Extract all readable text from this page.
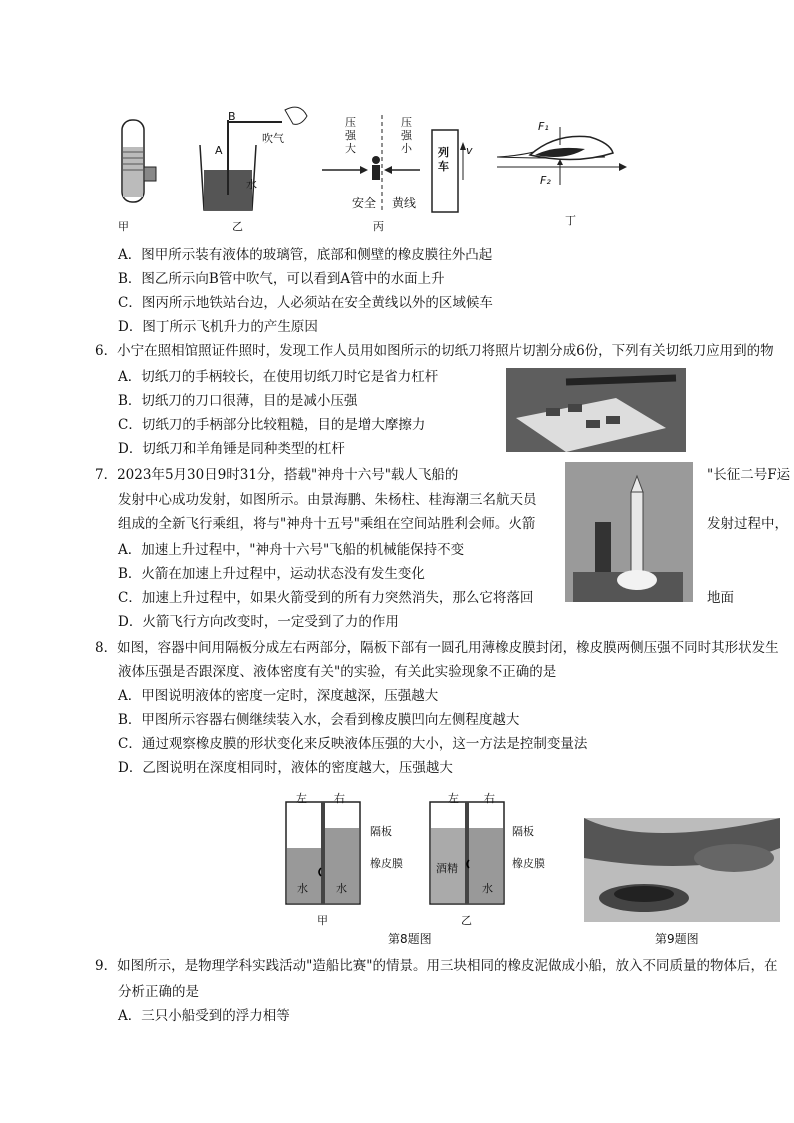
甲
B
A
吹气
水
乙
压强大
压强小 列车
v
安全 黄线
丙
F₁
F₂
丁
A．图甲所示装有液体的玻璃管，底部和侧壁的橡皮膜往外凸起
B．图乙所示向B管中吹气，可以看到A管中的水面上升
C．图丙所示地铁站台边，人必须站在安全黄线以外的区域候车
D．图丁所示飞机升力的产生原因
6．小宁在照相馆照证件照时，发现工作人员用如图所示的切纸刀将照片切割分成6份，下列有关切纸刀应用到的物
A．切纸刀的手柄较长，在使用切纸刀时它是省力杠杆
B．切纸刀的刀口很薄，目的是减小压强
C．切纸刀的手柄部分比较粗糙，目的是增大摩擦力
D．切纸刀和羊角锤是同种类型的杠杆
7．2023年5月30日9时31分，搭载"神舟十六号"载人飞船的	"长征二号F运
发射中心成功发射，如图所示。由景海鹏、朱杨柱、桂海潮三名航天员
组成的全新飞行乘组，将与"神舟十五号"乘组在空间站胜利会师。火箭	发射过程中，
A．加速上升过程中，"神舟十六号"飞船的机械能保持不变
B．火箭在加速上升过程中，运动状态没有发生变化
C．加速上升过程中，如果火箭受到的所有力突然消失，那么它将落回	地面
D．火箭飞行方向改变时，一定受到了力的作用
8．如图，容器中间用隔板分成左右两部分，隔板下部有一圆孔用薄橡皮膜封闭，橡皮膜两侧压强不同时其形状发生
液体压强是否跟深度、液体密度有关"的实验，有关此实验现象不正确的是
A．甲图说明液体的密度一定时，深度越深，压强越大
B．甲图所示容器右侧继续装入水，会看到橡皮膜凹向左侧程度越大
C．通过观察橡皮膜的形状变化来反映液体压强的大小，这一方法是控制变量法
D．乙图说明在深度相同时，液体的密度越大，压强越大
左 右
隔板
橡皮膜
水	水
甲
左 右
隔板
橡皮膜
酒精
水
乙
第8题图	第9题图
9．如图所示，是物理学科实践活动"造船比赛"的情景。用三块相同的橡皮泥做成小船，放入不同质量的物体后，在
分析正确的是
A．三只小船受到的浮力相等
